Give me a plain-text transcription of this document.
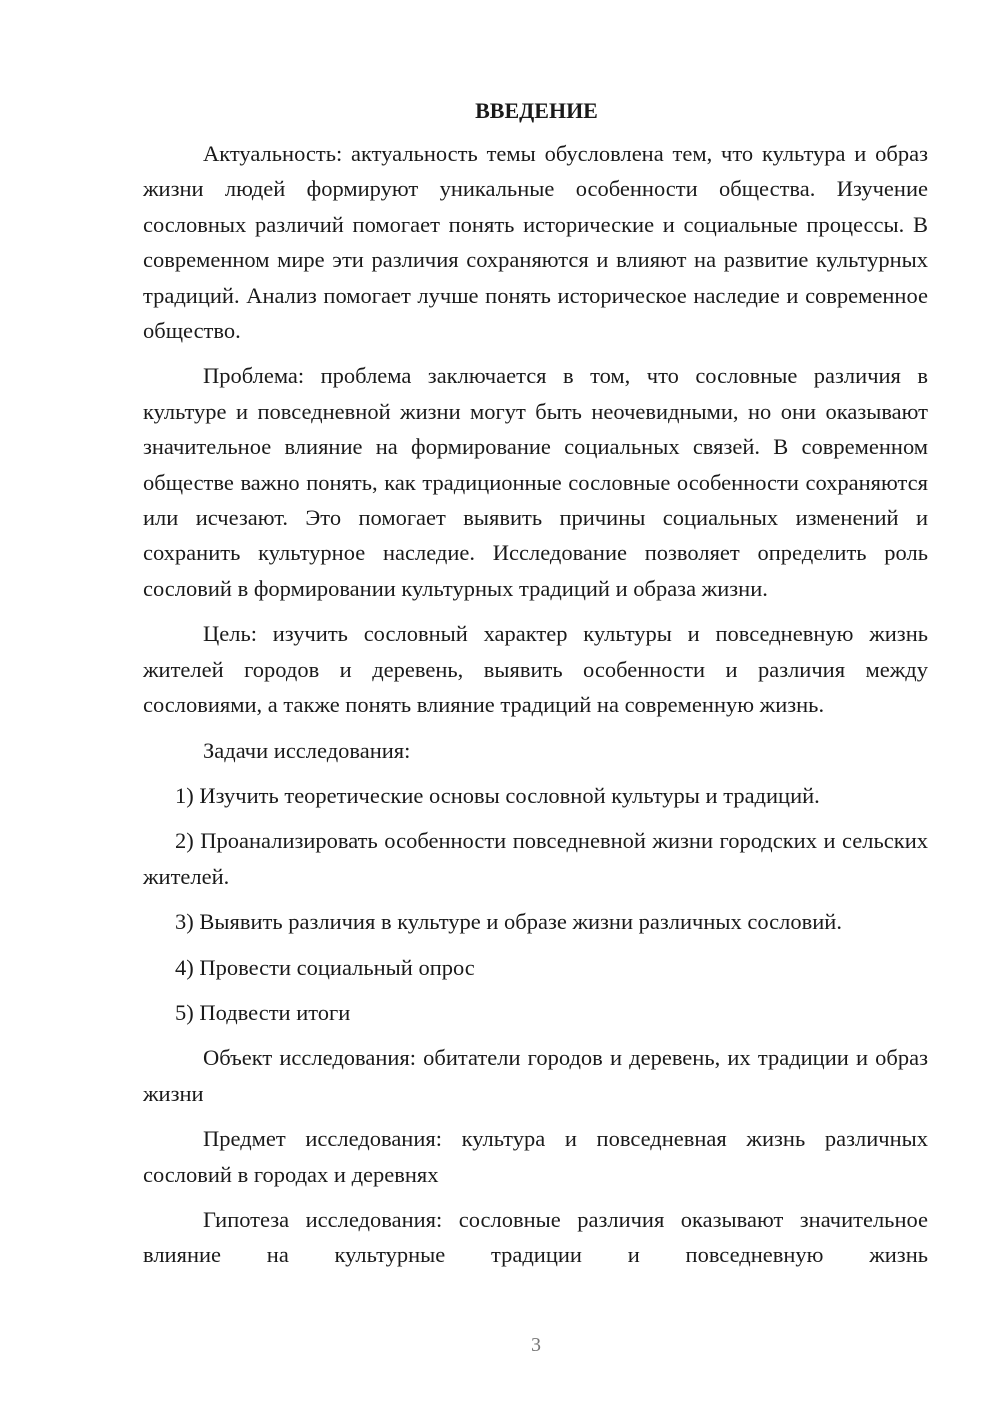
ВВЕДЕНИЕ

Актуальность: актуальность темы обусловлена тем, что культура и образ жизни людей формируют уникальные особенности общества. Изучение сословных различий помогает понять исторические и социальные процессы. В современном мире эти различия сохраняются и влияют на развитие культурных традиций. Анализ помогает лучше понять историческое наследие и современное общество.

Проблема: проблема заключается в том, что сословные различия в культуре и повседневной жизни могут быть неочевидными, но они оказывают значительное влияние на формирование социальных связей. В современном обществе важно понять, как традиционные сословные особенности сохраняются или исчезают. Это помогает выявить причины социальных изменений и сохранить культурное наследие. Исследование позволяет определить роль сословий в формировании культурных традиций и образа жизни.

Цель: изучить сословный характер культуры и повседневную жизнь жителей городов и деревень, выявить особенности и различия между сословиями, а также понять влияние традиций на современную жизнь.

Задачи исследования:

1) Изучить теоретические основы сословной культуры и традиций.

2) Проанализировать особенности повседневной жизни городских и сельских жителей.

3) Выявить различия в культуре и образе жизни различных сословий.

4) Провести социальный опрос

5) Подвести итоги

Объект исследования: обитатели городов и деревень, их традиции и образ жизни

Предмет исследования: культура и повседневная жизнь различных сословий в городах и деревнях

Гипотеза исследования: сословные различия оказывают значительное влияние на культурные традиции и повседневную жизнь

3
